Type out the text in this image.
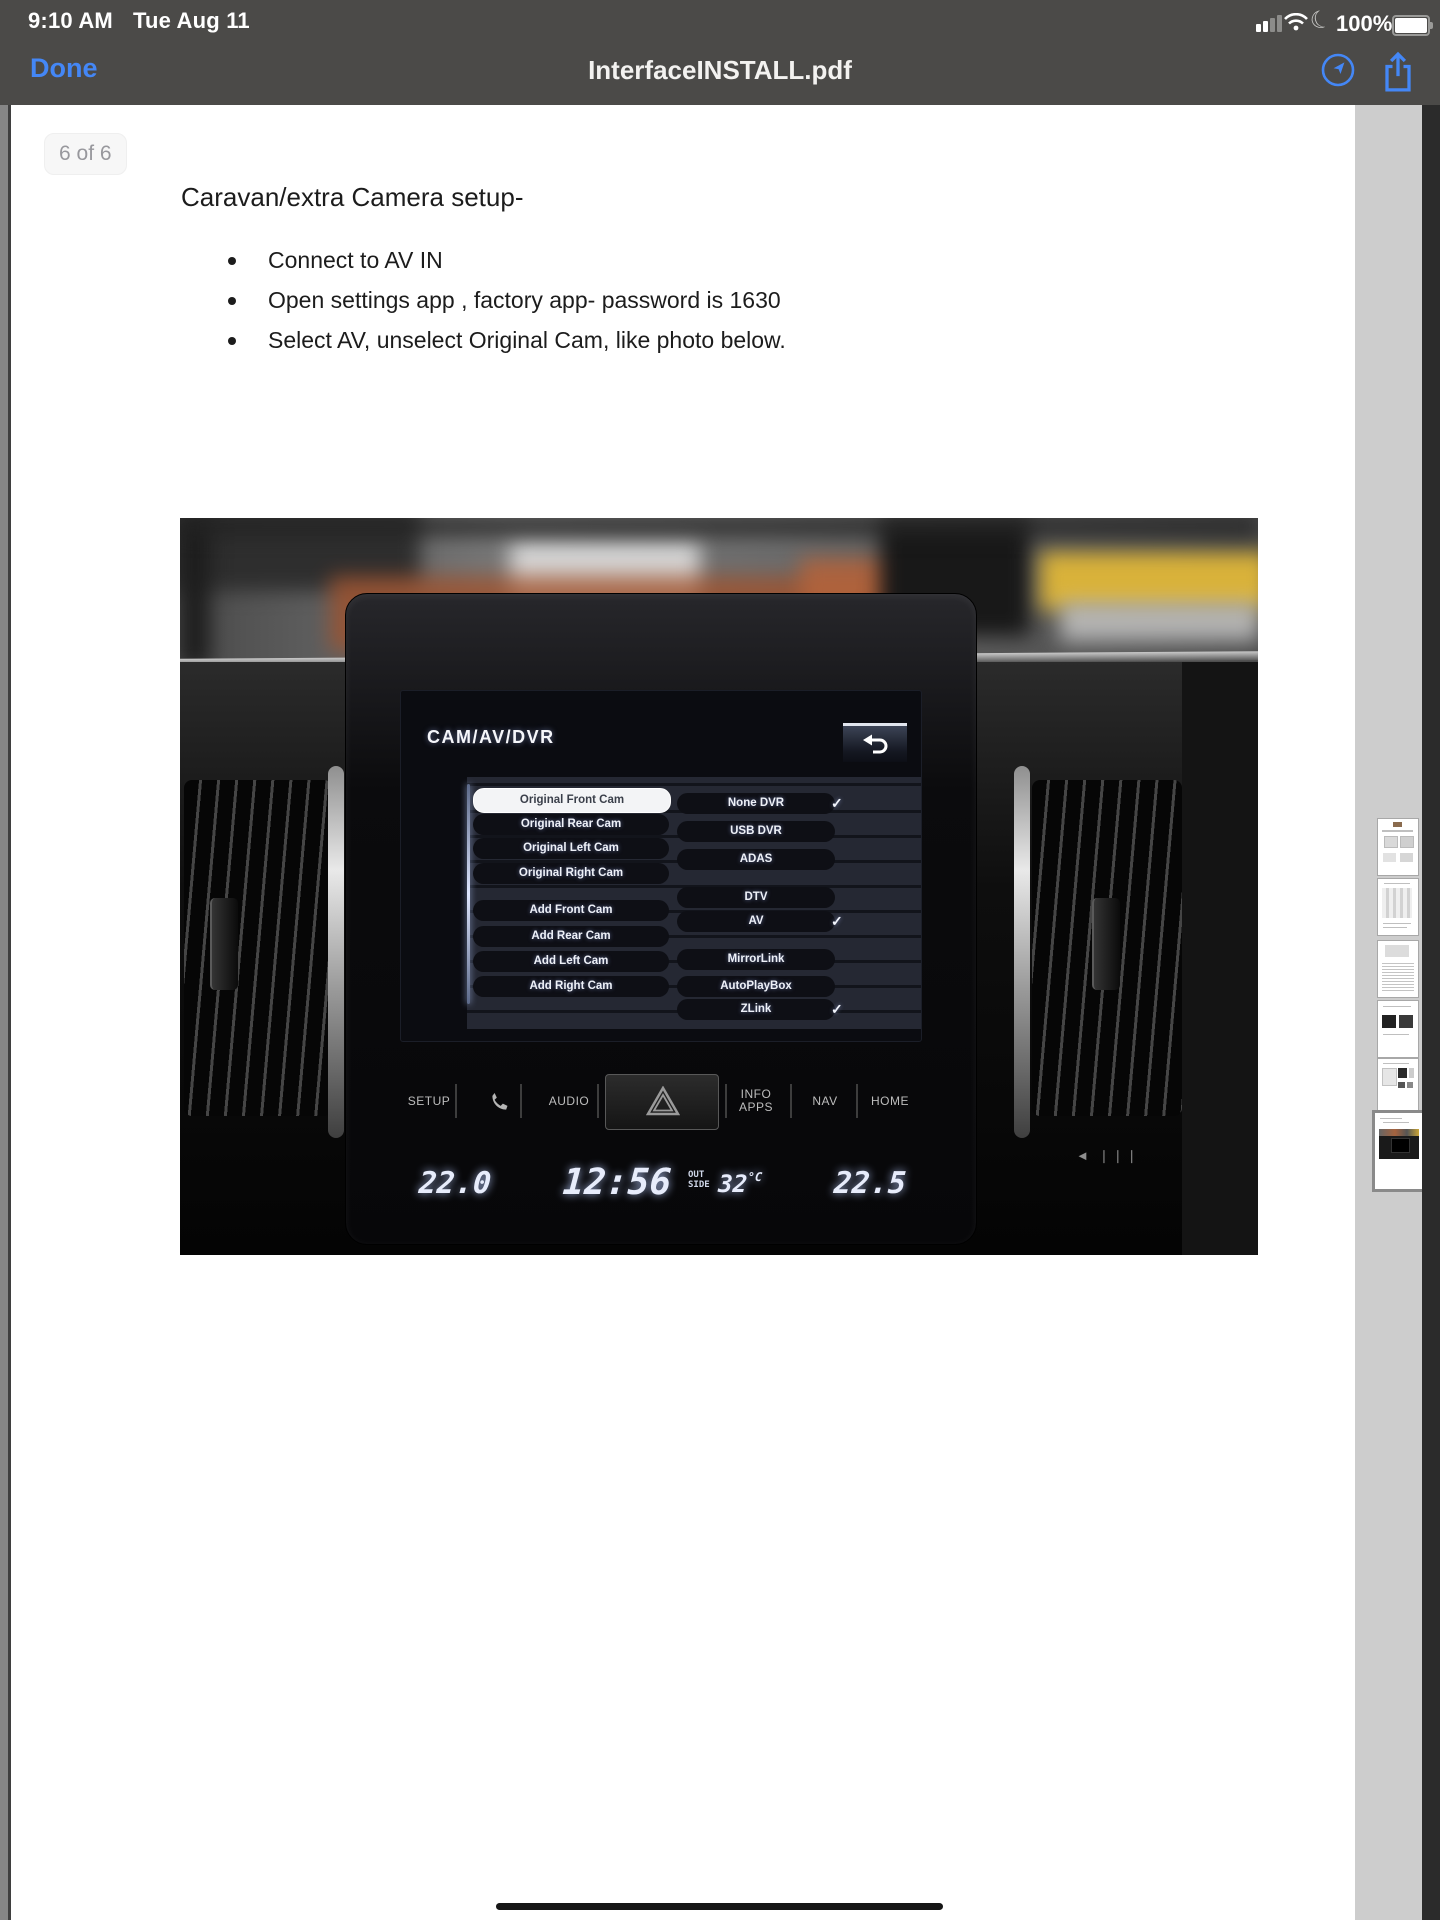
9:10 AM Tue Aug 11	☾ 100%
Done	InterfaceINSTALL.pdf
6 of 6
Caravan/extra Camera setup-
Connect to AV IN
Open settings app , factory app- password is 1630
Select AV, unselect Original Cam, like photo below.
◄ ❘❘❘
CAM/AV/DVR
Original Front Cam
Original Rear Cam
Original Left Cam
Original Right Cam
Add Front Cam
Add Rear Cam
Add Left Cam
Add Right Cam
None DVR
USB DVR
ADAS
DTV
AV
MirrorLink
AutoPlayBox
ZLink
✓
✓
✓
SETUP	AUDIO	INFO
APPS	NAV	HOME
22.0 12:56 OUT
SIDE $32^{^\circ C}$ 22.5
